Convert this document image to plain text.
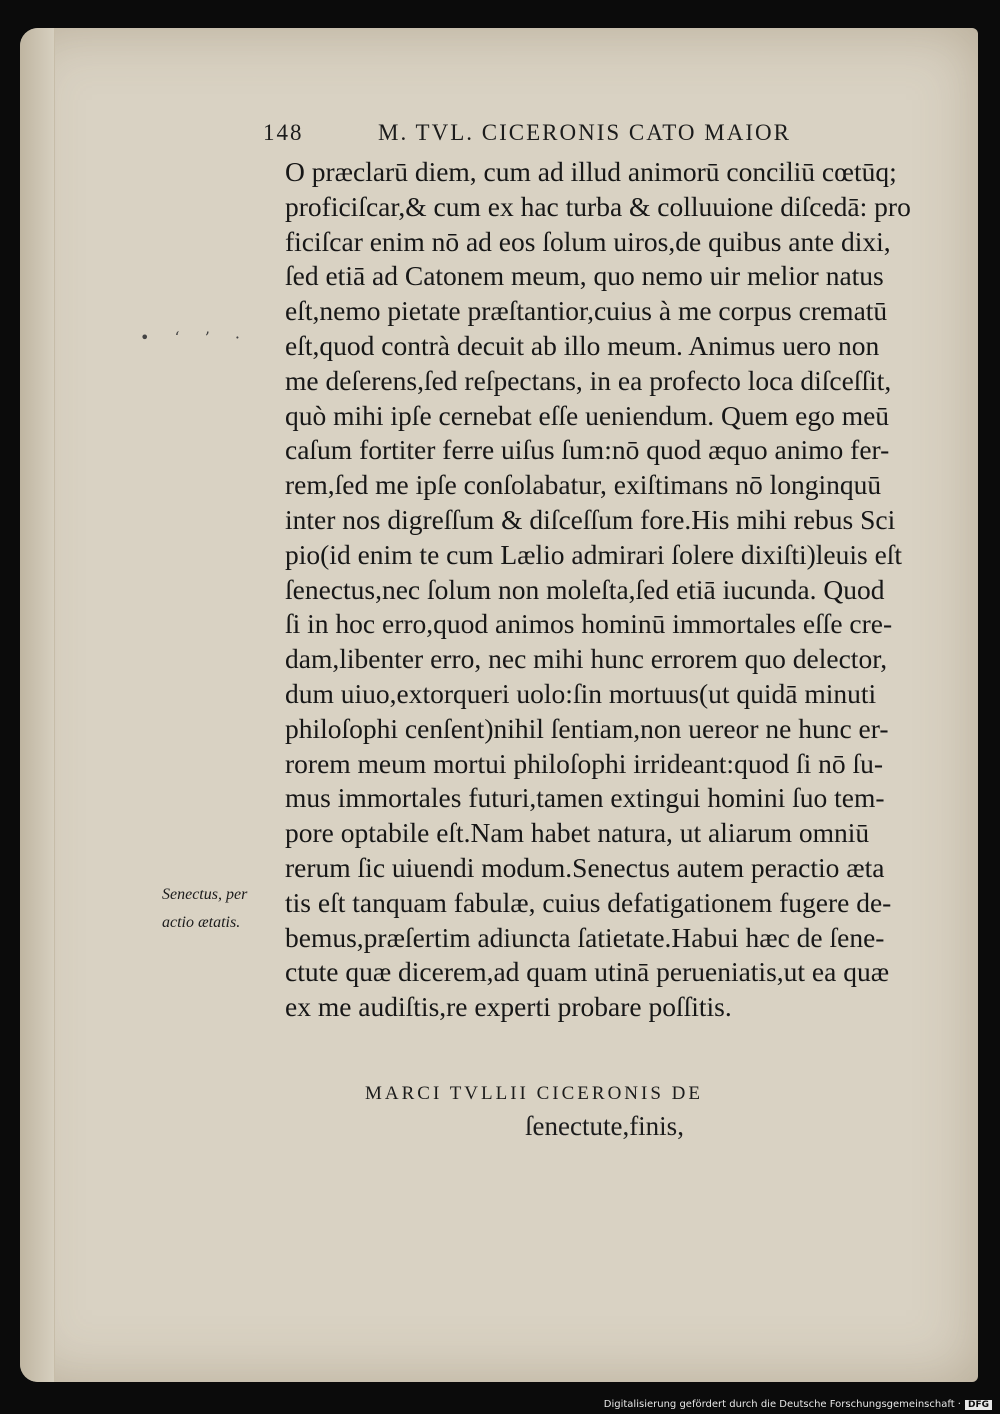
148	M. TVL. CICERONIS CATO MAIOR
• ‘ ’ ·
O præclarū diem, cum ad illud animorū conciliū cœtūq;
proficiſcar,& cum ex hac turba & colluuione diſcedā: pro
ficiſcar enim nō ad eos ſolum uiros,de quibus ante dixi,
ſed etiā ad Catonem meum, quo nemo uir melior natus
eſt,nemo pietate præſtantior,cuius à me corpus crematū
eſt,quod contrà decuit ab illo meum. Animus uero non
me deſerens,ſed reſpectans, in ea profecto loca diſceſſit,
quò mihi ipſe cernebat eſſe ueniendum. Quem ego meū
caſum fortiter ferre uiſus ſum:nō quod æquo animo fer-
rem,ſed me ipſe conſolabatur, exiſtimans nō longinquū
inter nos digreſſum & diſceſſum fore.His mihi rebus Sci
pio(id enim te cum Lælio admirari ſolere dixiſti)leuis eſt
ſenectus,nec ſolum non moleſta,ſed etiā iucunda. Quod
ſi in hoc erro,quod animos hominū immortales eſſe cre-
dam,libenter erro, nec mihi hunc errorem quo delector,
dum uiuo,extorqueri uolo:ſin mortuus(ut quidā minuti
philoſophi cenſent)nihil ſentiam,non uereor ne hunc er-
rorem meum mortui philoſophi irrideant:quod ſi nō ſu-
mus immortales futuri,tamen extingui homini ſuo tem-
pore optabile eſt.Nam habet natura, ut aliarum omniū
rerum ſic uiuendi modum.Senectus autem peractio æta
tis eſt tanquam fabulæ, cuius defatigationem fugere de-
bemus,præſertim adiuncta ſatietate.Habui hæc de ſene-
ctute quæ dicerem,ad quam utinā perueniatis,ut ea quæ
ex me audiſtis,re experti probare poſſitis.
Senectus, per
actio ætatis.
MARCI TVLLII CICERONIS DE
ſenectute,finis,
Digitalisierung gefördert durch die Deutsche Forschungsgemeinschaft · DFG
